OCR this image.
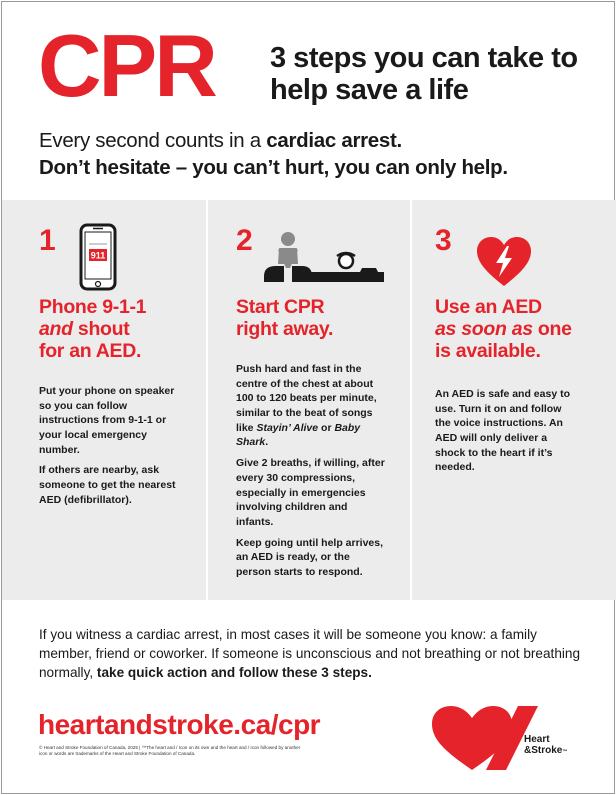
CPR 3 steps you can take to help save a life
Every second counts in a cardiac arrest.
Don’t hesitate – you can’t hurt, you can only help.
1	911
Phone 9-1-1
and shout
for an AED.

Put your phone on speaker so you can follow instructions from 9-1-1 or your local emergency number.

If others are nearby, ask someone to get the nearest AED (defibrillator).

2
Start CPR
right away.

Push hard and fast in the centre of the chest at about 100 to 120 beats per minute, similar to the beat of songs like Stayin’ Alive or Baby Shark.

Give 2 breaths, if willing, after every 30 compressions, especially in emergencies involving children and infants.

Keep going until help arrives, an AED is ready, or the person starts to respond.

3
Use an AED
as soon as one
is available.

An AED is safe and easy to use. Turn it on and follow the voice instructions. An AED will only deliver a shock to the heart if it’s needed.

If you witness a cardiac arrest, in most cases it will be someone you know: a family member, friend or coworker. If someone is unconscious and not breathing or not breathing normally, take quick action and follow these 3 steps.
heartandstroke.ca/cpr
© Heart and Stroke Foundation of Canada, 2025 | ™The heart and / Icon on its own and the heart and / Icon followed by another icon or words are trademarks of the Heart and Stroke Foundation of Canada.
Heart
&Stroke™
